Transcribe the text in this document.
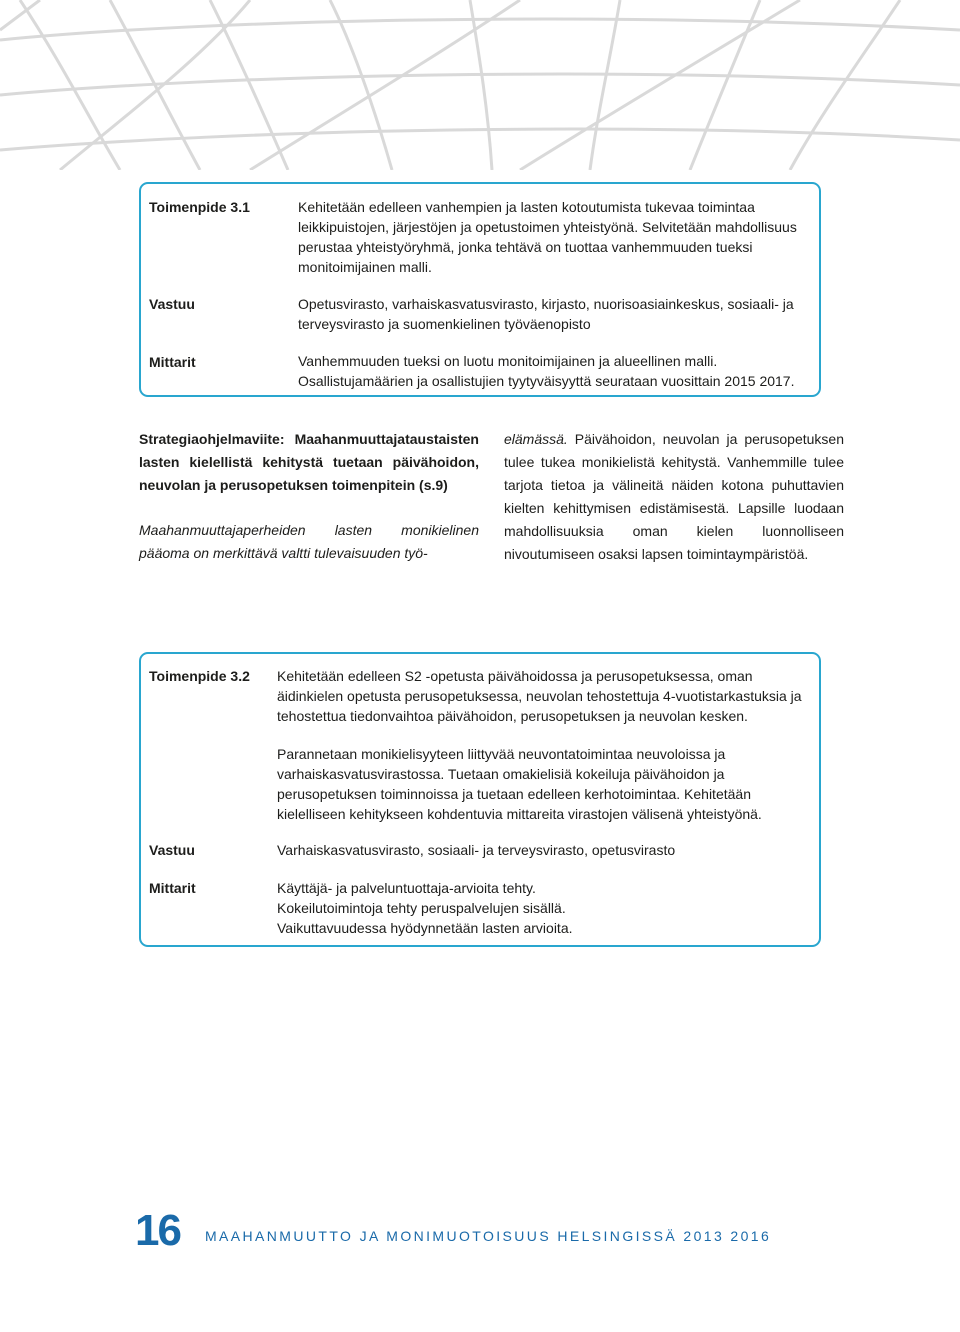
Toimenpide 3.1	Kehitetään edelleen vanhempien ja lasten kotoutumista tukevaa toimintaa leikkipuistojen, järjestöjen ja opetustoimen yhteistyönä. Selvitetään mahdollisuus perustaa yhteistyöryhmä, jonka tehtävä on tuottaa vanhemmuuden tueksi monitoimijainen malli.

Vastuu	Opetusvirasto, varhaiskasvatusvirasto, kirjasto, nuorisoasiainkeskus, sosiaali- ja terveysvirasto ja suomenkielinen työväenopisto

Mittarit	Vanhemmuuden tueksi on luotu monitoimijainen ja alueellinen malli. Osallistujamäärien ja osallistujien tyytyväisyyttä seurataan vuosittain 2015 2017.

Strategiaohjelmaviite: Maahanmuuttajataustaisten lasten kielellistä kehitystä tuetaan päivähoidon, neuvolan ja perusopetuksen toimenpitein (s.9)

Maahanmuuttajaperheiden lasten monikielinen pääoma on merkittävä valtti tulevaisuuden työ-

elämässä. Päivähoidon, neuvolan ja perusopetuksen tulee tukea monikielistä kehitystä. Vanhemmille tulee tarjota tietoa ja välineitä näiden kotona puhuttavien kielten kehittymisen edistämisestä. Lapsille luodaan mahdollisuuksia oman kielen luonnolliseen nivoutumiseen osaksi lapsen toimintaympäristöä.

Toimenpide 3.2 Kehitetään edelleen S2 -opetusta päivähoidossa ja perusopetuksessa, oman äidinkielen opetusta perusopetuksessa, neuvolan tehostettuja 4-vuotistarkastuksia ja tehostettua tiedonvaihtoa päivähoidon, perusopetuksen ja neuvolan kesken.

Parannetaan monikielisyyteen liittyvää neuvontatoimintaa neuvoloissa ja varhaiskasvatusvirastossa. Tuetaan omakielisiä kokeiluja päivähoidon ja perusopetuksen toiminnoissa ja tuetaan edelleen kerhotoimintaa. Kehitetään kielelliseen kehitykseen kohdentuvia mittareita virastojen välisenä yhteistyönä.

Vastuu	Varhaiskasvatusvirasto, sosiaali- ja terveysvirasto, opetusvirasto

Mittarit	Käyttäjä- ja palveluntuottaja-arvioita tehty.
Kokeilutoimintoja tehty peruspalvelujen sisällä.
Vaikuttavuudessa hyödynnetään lasten arvioita.
16 MAAHANMUUTTO JA MONIMUOTOISUUS HELSINGISSÄ 2013 2016
